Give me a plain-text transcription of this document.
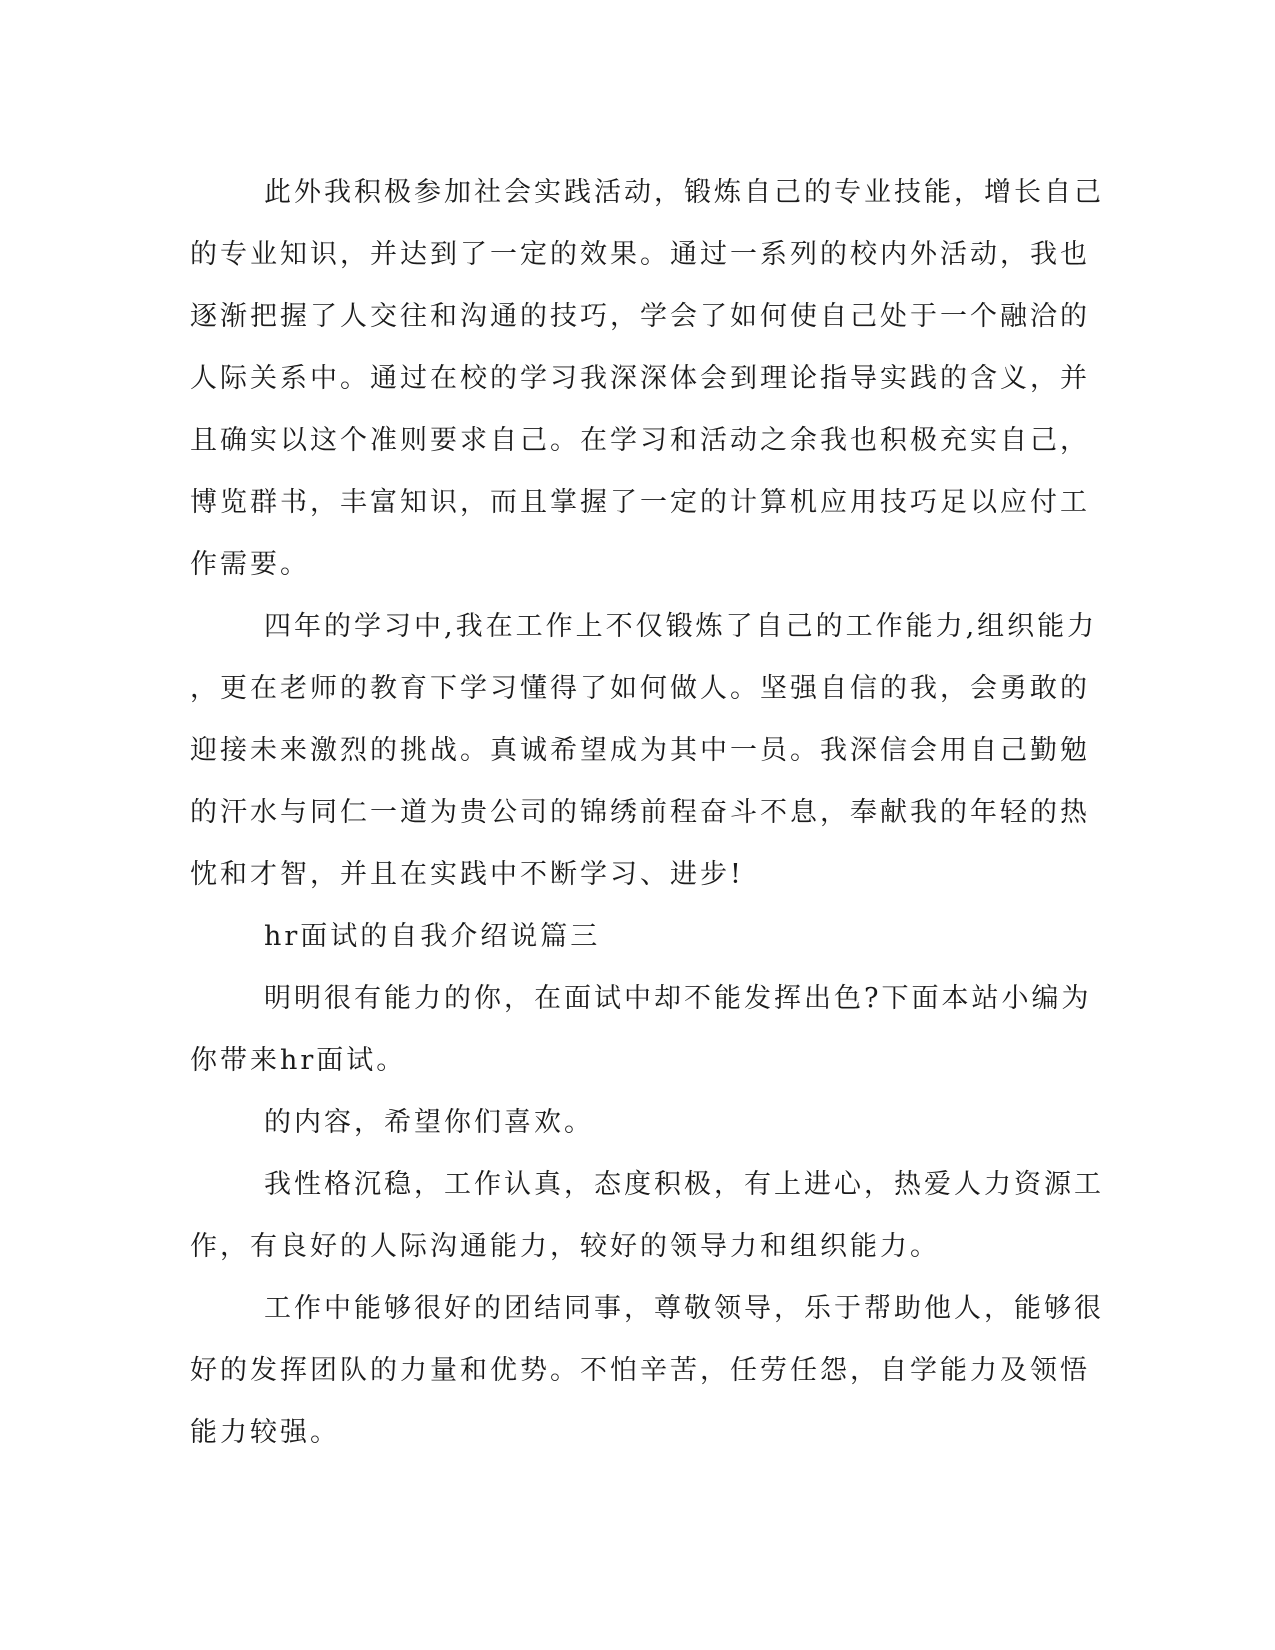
此外我积极参加社会实践活动，锻炼自己的专业技能，增长自己
的专业知识，并达到了一定的效果。通过一系列的校内外活动，我也
逐渐把握了人交往和沟通的技巧，学会了如何使自己处于一个融洽的
人际关系中。通过在校的学习我深深体会到理论指导实践的含义，并
且确实以这个准则要求自己。在学习和活动之余我也积极充实自己，
博览群书，丰富知识，而且掌握了一定的计算机应用技巧足以应付工
作需要。
四年的学习中,我在工作上不仅锻炼了自己的工作能力,组织能力
，更在老师的教育下学习懂得了如何做人。坚强自信的我，会勇敢的
迎接未来激烈的挑战。真诚希望成为其中一员。我深信会用自己勤勉
的汗水与同仁一道为贵公司的锦绣前程奋斗不息，奉献我的年轻的热
忱和才智，并且在实践中不断学习、进步!
hr面试的自我介绍说篇三
明明很有能力的你，在面试中却不能发挥出色?下面本站小编为
你带来hr面试。
的内容，希望你们喜欢。
我性格沉稳，工作认真，态度积极，有上进心，热爱人力资源工
作，有良好的人际沟通能力，较好的领导力和组织能力。
工作中能够很好的团结同事，尊敬领导，乐于帮助他人，能够很
好的发挥团队的力量和优势。不怕辛苦，任劳任怨，自学能力及领悟
能力较强。
